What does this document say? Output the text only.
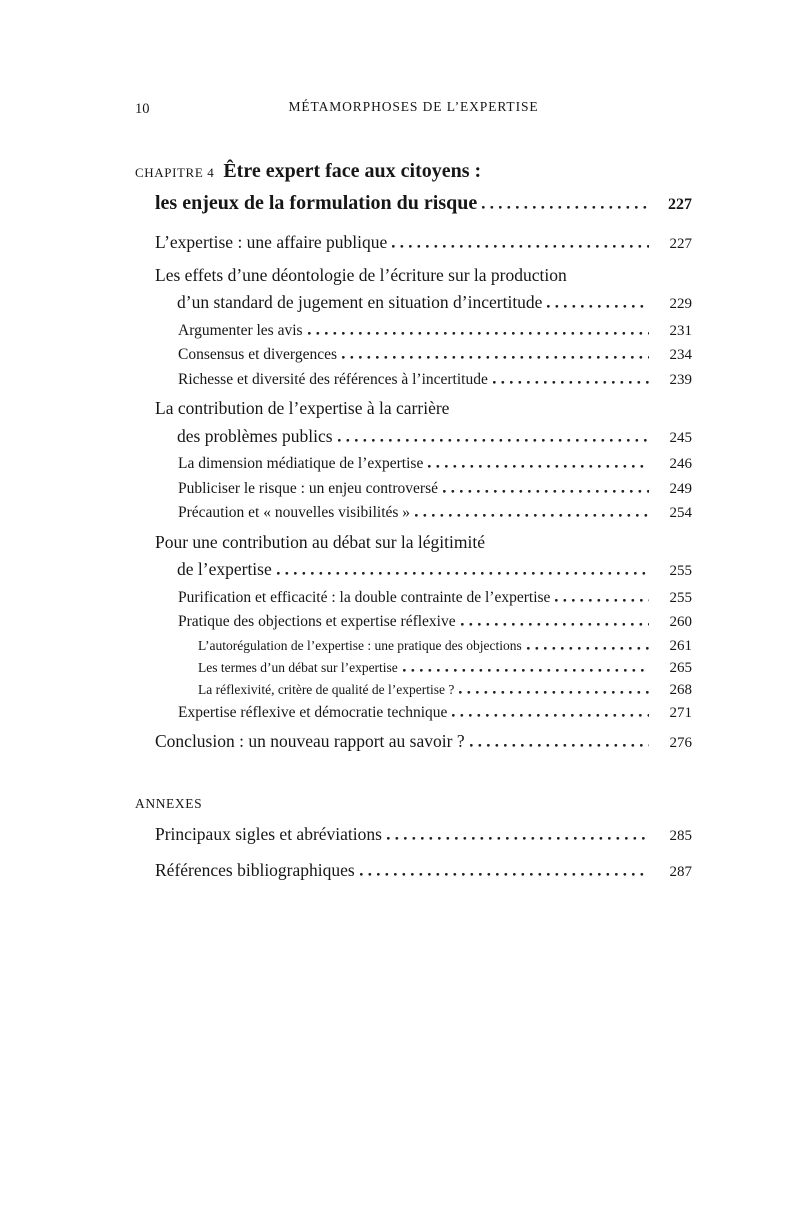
10	MÉTAMORPHOSES DE L’EXPERTISE
CHAPITRE 4 Être expert face aux citoyens :
les enjeux de la formulation du risque	227
L’expertise : une affaire publique	227
Les effets d’une déontologie de l’écriture sur la production
d’un standard de jugement en situation d’incertitude	229
Argumenter les avis	231
Consensus et divergences	234
Richesse et diversité des références à l’incertitude	239
La contribution de l’expertise à la carrière
des problèmes publics	245
La dimension médiatique de l’expertise	246
Publiciser le risque : un enjeu controversé	249
Précaution et « nouvelles visibilités »	254
Pour une contribution au débat sur la légitimité
de l’expertise	255
Purification et efficacité : la double contrainte de l’expertise	255
Pratique des objections et expertise réflexive	260
L’autorégulation de l’expertise : une pratique des objections	261
Les termes d’un débat sur l’expertise	265
La réflexivité, critère de qualité de l’expertise ?	268
Expertise réflexive et démocratie technique	271
Conclusion : un nouveau rapport au savoir ?	276
ANNEXES
Principaux sigles et abréviations	285
Références bibliographiques	287
